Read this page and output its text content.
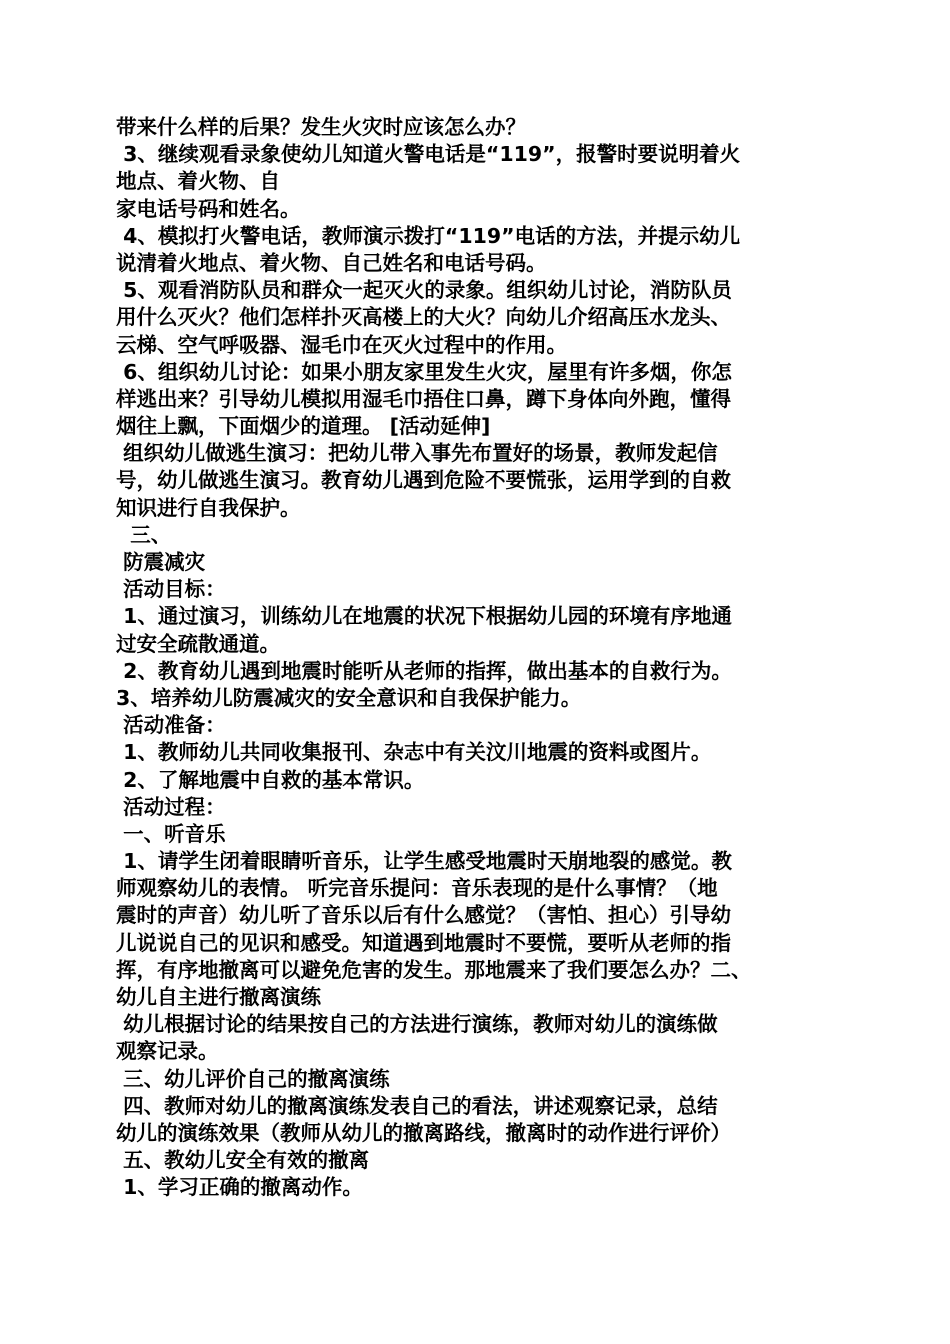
带来什么样的后果？发生火灾时应该怎么办？
3、继续观看录象使幼儿知道火警电话是“119”，报警时要说明着火
地点、着火物、自
家电话号码和姓名。
4、模拟打火警电话，教师演示拨打“119”电话的方法，并提示幼儿
说清着火地点、着火物、自己姓名和电话号码。
5、观看消防队员和群众一起灭火的录象。组织幼儿讨论，消防队员
用什么灭火？他们怎样扑灭高楼上的大火？向幼儿介绍高压水龙头、
云梯、空气呼吸器、湿毛巾在灭火过程中的作用。
6、组织幼儿讨论：如果小朋友家里发生火灾，屋里有许多烟，你怎
样逃出来？引导幼儿模拟用湿毛巾捂住口鼻，蹲下身体向外跑，懂得
烟往上飘，下面烟少的道理。 [活动延伸]
组织幼儿做逃生演习：把幼儿带入事先布置好的场景，教师发起信
号，幼儿做逃生演习。教育幼儿遇到危险不要慌张，运用学到的自救
知识进行自我保护。
三、
防震减灾
活动目标：
1、通过演习，训练幼儿在地震的状况下根据幼儿园的环境有序地通
过安全疏散通道。
2、教育幼儿遇到地震时能听从老师的指挥，做出基本的自救行为。
3、培养幼儿防震减灾的安全意识和自我保护能力。
活动准备：
1、教师幼儿共同收集报刊、杂志中有关汶川地震的资料或图片。
2、了解地震中自救的基本常识。
活动过程：
一、听音乐
1、请学生闭着眼睛听音乐，让学生感受地震时天崩地裂的感觉。教
师观察幼儿的表情。 听完音乐提问：音乐表现的是什么事情？（地
震时的声音）幼儿听了音乐以后有什么感觉？（害怕、担心）引导幼
儿说说自己的见识和感受。知道遇到地震时不要慌，要听从老师的指
挥，有序地撤离可以避免危害的发生。那地震来了我们要怎么办？二、
幼儿自主进行撤离演练
幼儿根据讨论的结果按自己的方法进行演练，教师对幼儿的演练做
观察记录。
三、幼儿评价自己的撤离演练
四、教师对幼儿的撤离演练发表自己的看法，讲述观察记录，总结
幼儿的演练效果（教师从幼儿的撤离路线，撤离时的动作进行评价）
五、教幼儿安全有效的撤离
1、学习正确的撤离动作。
